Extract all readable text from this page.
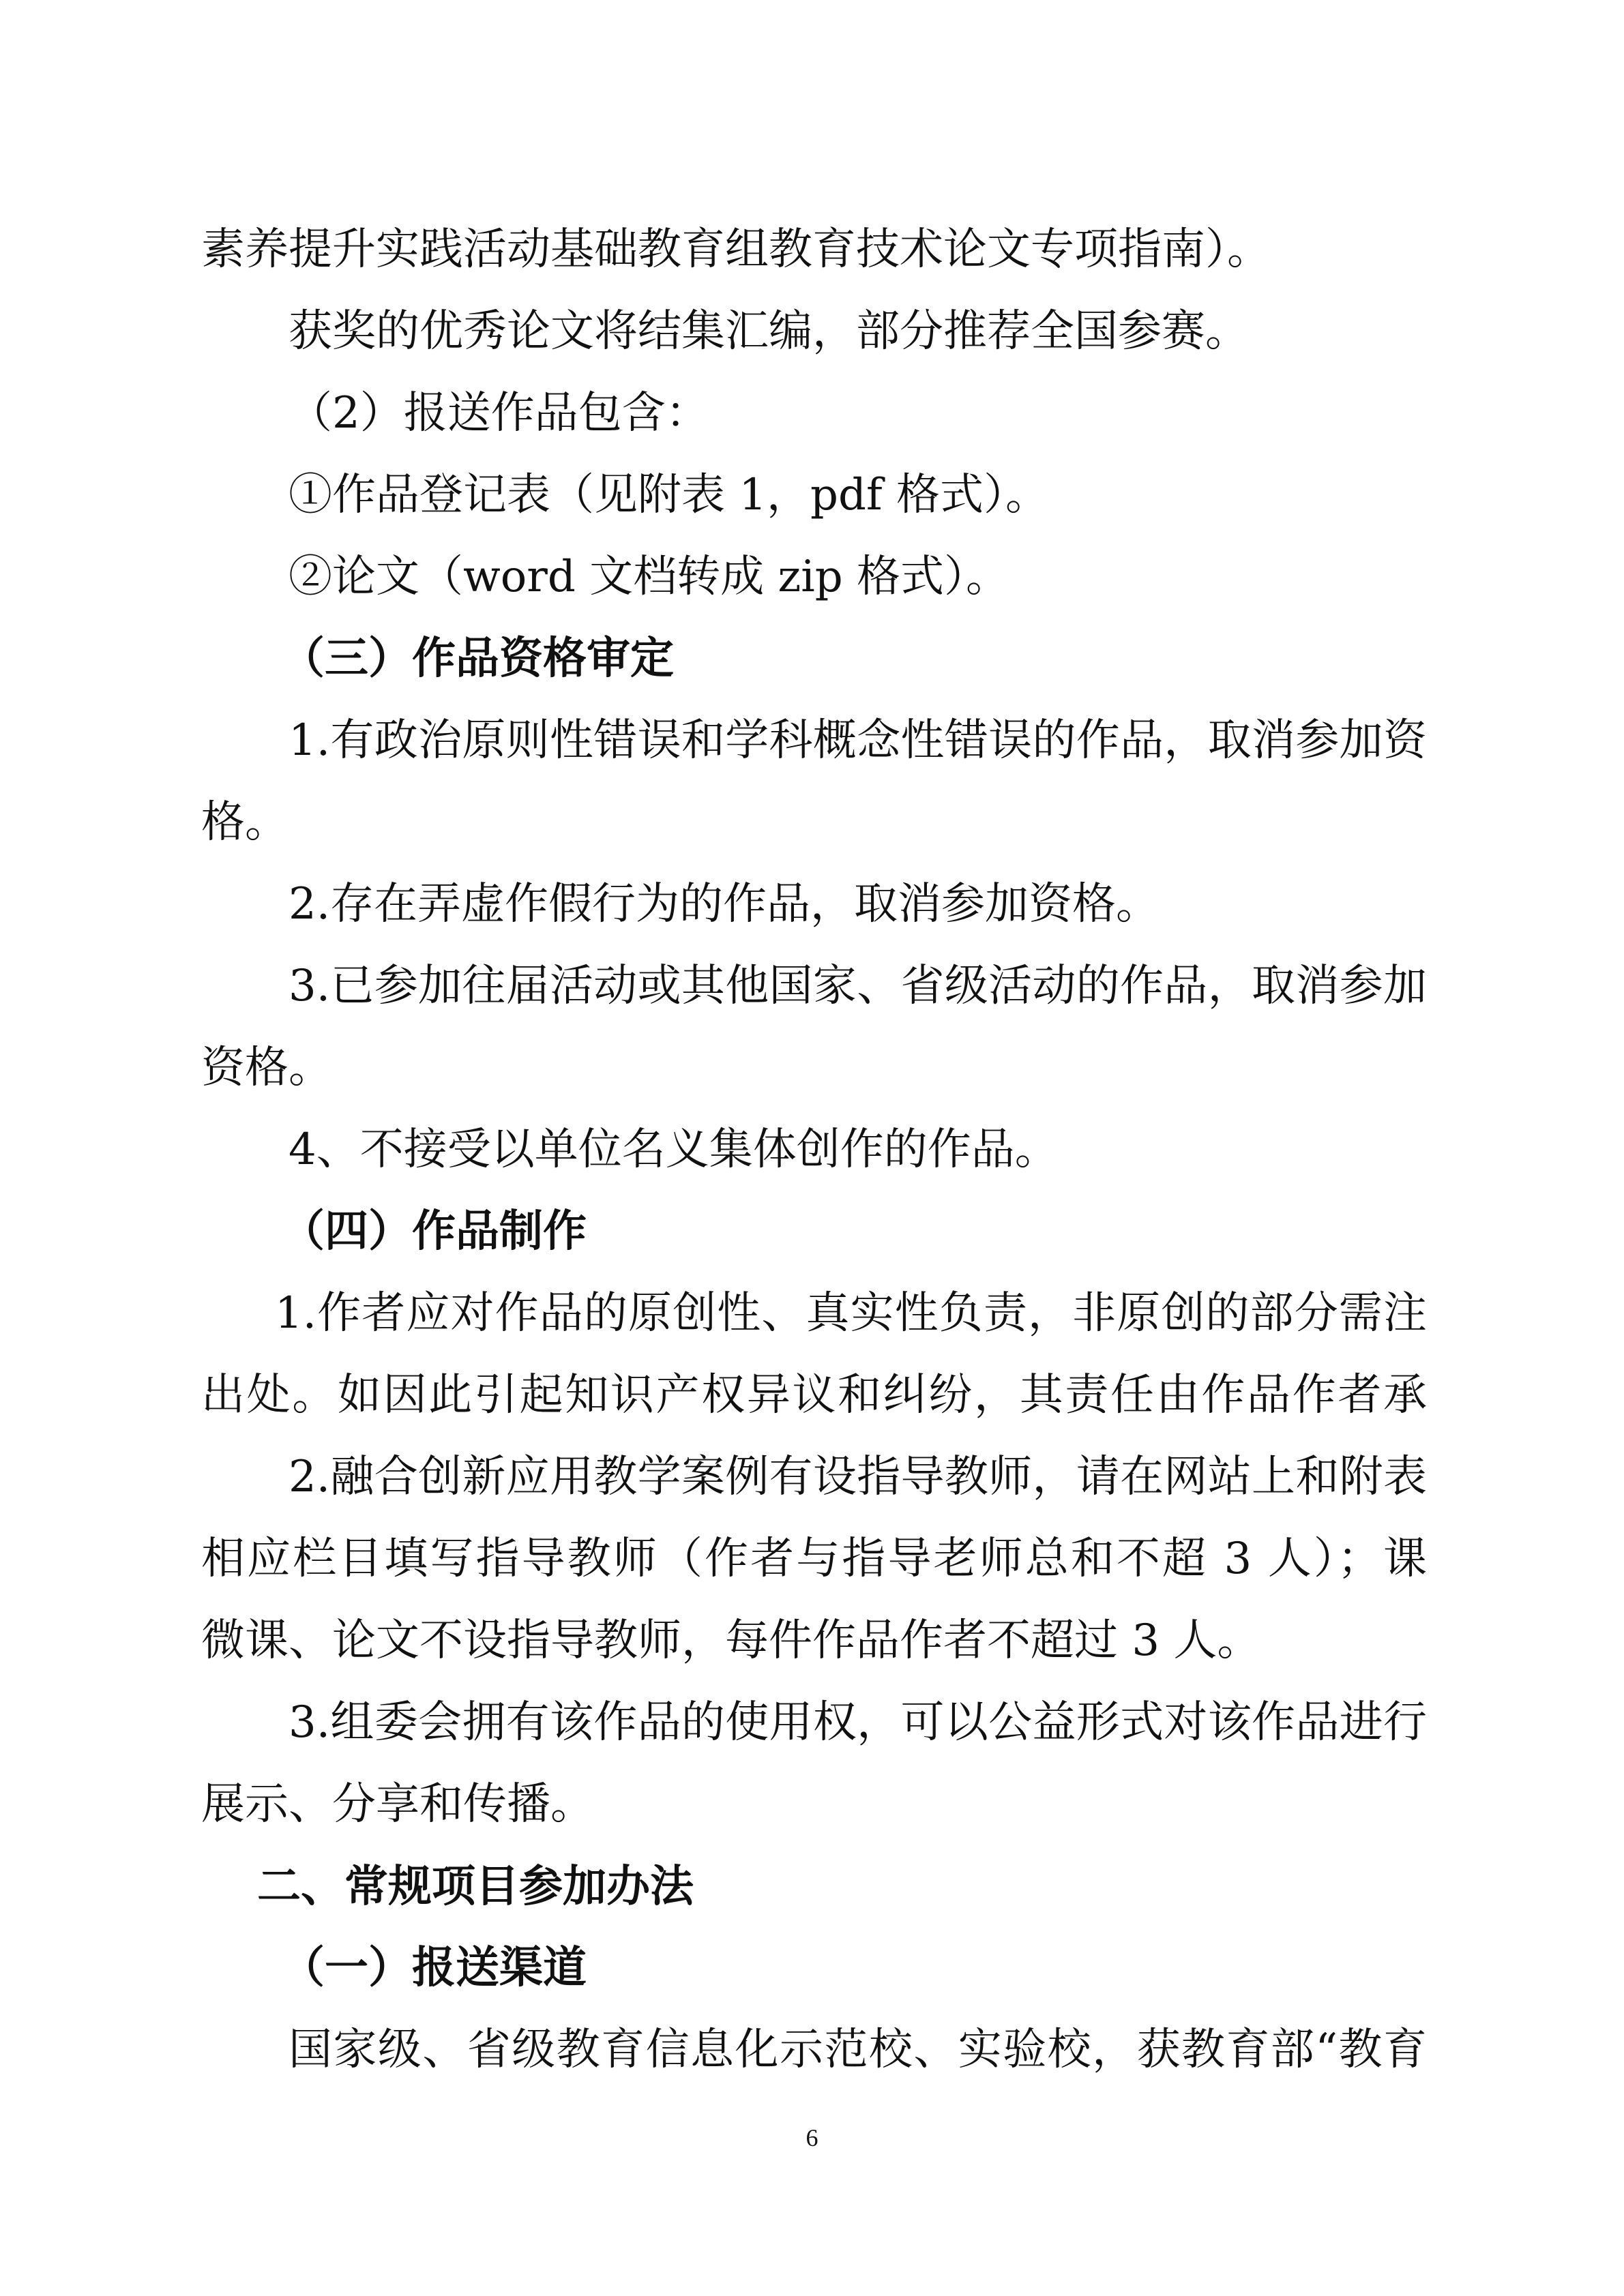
素养提升实践活动基础教育组教育技术论文专项指南）。
获奖的优秀论文将结集汇编，部分推荐全国参赛。
（2）报送作品包含：
①作品登记表（见附表 1，pdf 格式）。
②论文（word 文档转成 zip 格式）。
（三）作品资格审定
1.有政治原则性错误和学科概念性错误的作品，取消参加资
格。
2.存在弄虚作假行为的作品，取消参加资格。
3.已参加往届活动或其他国家、省级活动的作品，取消参加
资格。
4、不接受以单位名义集体创作的作品。
（四）作品制作
1.作者应对作品的原创性、真实性负责，非原创的部分需注
出处。如因此引起知识产权异议和纠纷，其责任由作品作者承
2.融合创新应用教学案例有设指导教师，请在网站上和附表
相应栏目填写指导教师（作者与指导老师总和不超 3 人）；课
微课、论文不设指导教师，每件作品作者不超过 3 人。
3.组委会拥有该作品的使用权，可以公益形式对该作品进行
展示、分享和传播。
二、常规项目参加办法
（一）报送渠道
国家级、省级教育信息化示范校、实验校，获教育部“教育
6
